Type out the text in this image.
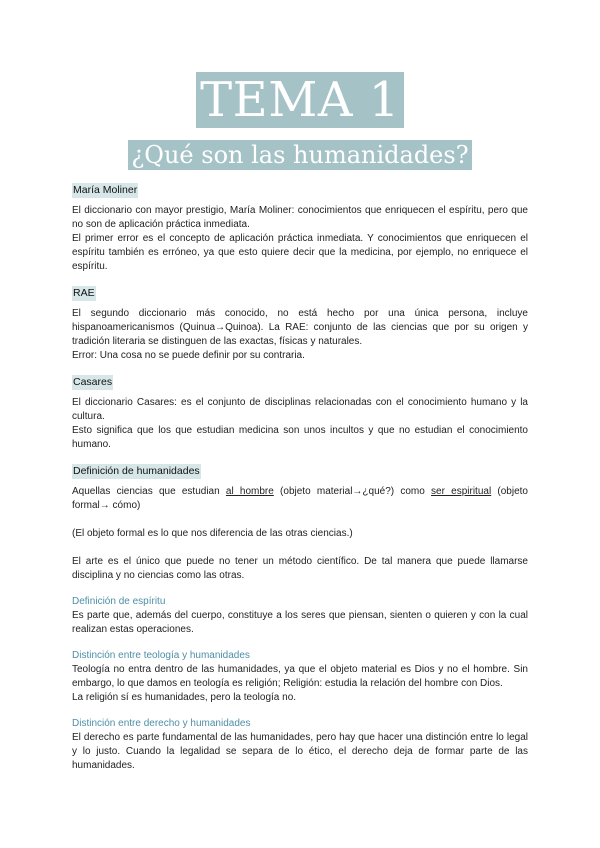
TEMA 1
¿Qué son las humanidades?
María Moliner

El diccionario con mayor prestigio, María Moliner: conocimientos que enriquecen el espíritu, pero que no son de aplicación práctica inmediata.

El primer error es el concepto de aplicación práctica inmediata. Y conocimientos que enriquecen el espíritu también es erróneo, ya que esto quiere decir que la medicina, por ejemplo, no enriquece el espíritu.

RAE

El segundo diccionario más conocido, no está hecho por una única persona, incluye hispanoamericanismos (Quinua→Quinoa). La RAE: conjunto de las ciencias que por su origen y tradición literaria se distinguen de las exactas, físicas y naturales.

Error: Una cosa no se puede definir por su contraria.

Casares

El diccionario Casares: es el conjunto de disciplinas relacionadas con el conocimiento humano y la cultura.

Esto significa que los que estudian medicina son unos incultos y que no estudian el conocimiento humano.

Definición de humanidades

Aquellas ciencias que estudian al hombre (objeto material→¿qué?) como ser espiritual (objeto formal→ cómo)

(El objeto formal es lo que nos diferencia de las otras ciencias.)

El arte es el único que puede no tener un método científico. De tal manera que puede llamarse disciplina y no ciencias como las otras.

Definición de espíritu

Es parte que, además del cuerpo, constituye a los seres que piensan, sienten o quieren y con la cual realizan estas operaciones.

Distinción entre teología y humanidades

Teología no entra dentro de las humanidades, ya que el objeto material es Dios y no el hombre. Sin embargo, lo que damos en teología es religión; Religión: estudia la relación del hombre con Dios.

La religión sí es humanidades, pero la teología no.

Distinción entre derecho y humanidades

El derecho es parte fundamental de las humanidades, pero hay que hacer una distinción entre lo legal y lo justo. Cuando la legalidad se separa de lo ético, el derecho deja de formar parte de las humanidades.
